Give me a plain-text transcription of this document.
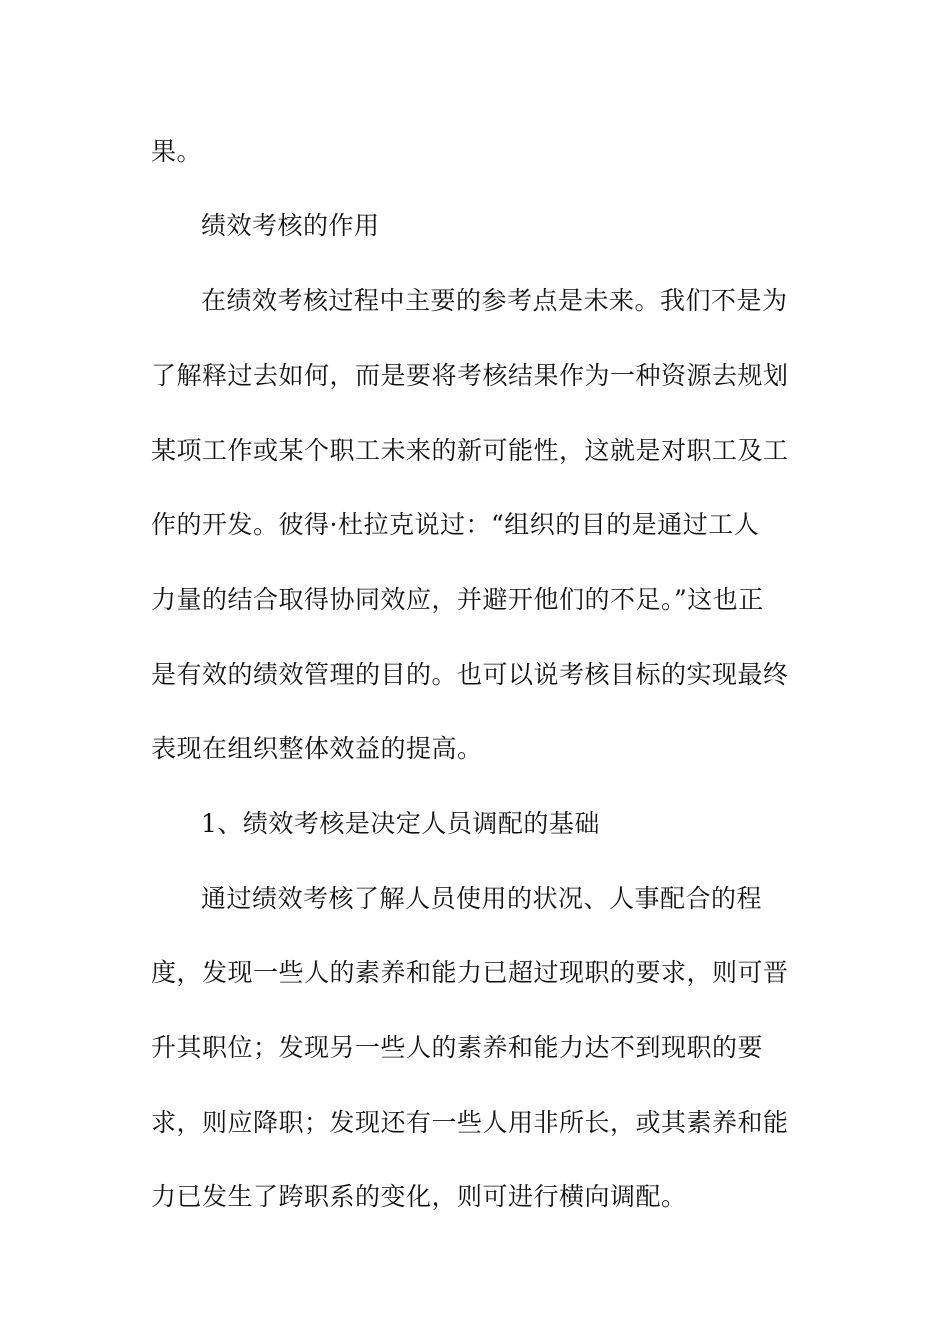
果。
绩效考核的作用
在绩效考核过程中主要的参考点是未来。我们不是为
了解释过去如何，而是要将考核结果作为一种资源去规划
某项工作或某个职工未来的新可能性，这就是对职工及工
作的开发。彼得·杜拉克说过：“组织的目的是通过工人
力量的结合取得协同效应，并避开他们的不足。”这也正
是有效的绩效管理的目的。也可以说考核目标的实现最终
表现在组织整体效益的提高。
1、绩效考核是决定人员调配的基础
通过绩效考核了解人员使用的状况、人事配合的程
度，发现一些人的素养和能力已超过现职的要求，则可晋
升其职位；发现另一些人的素养和能力达不到现职的要
求，则应降职；发现还有一些人用非所长，或其素养和能
力已发生了跨职系的变化，则可进行横向调配。
